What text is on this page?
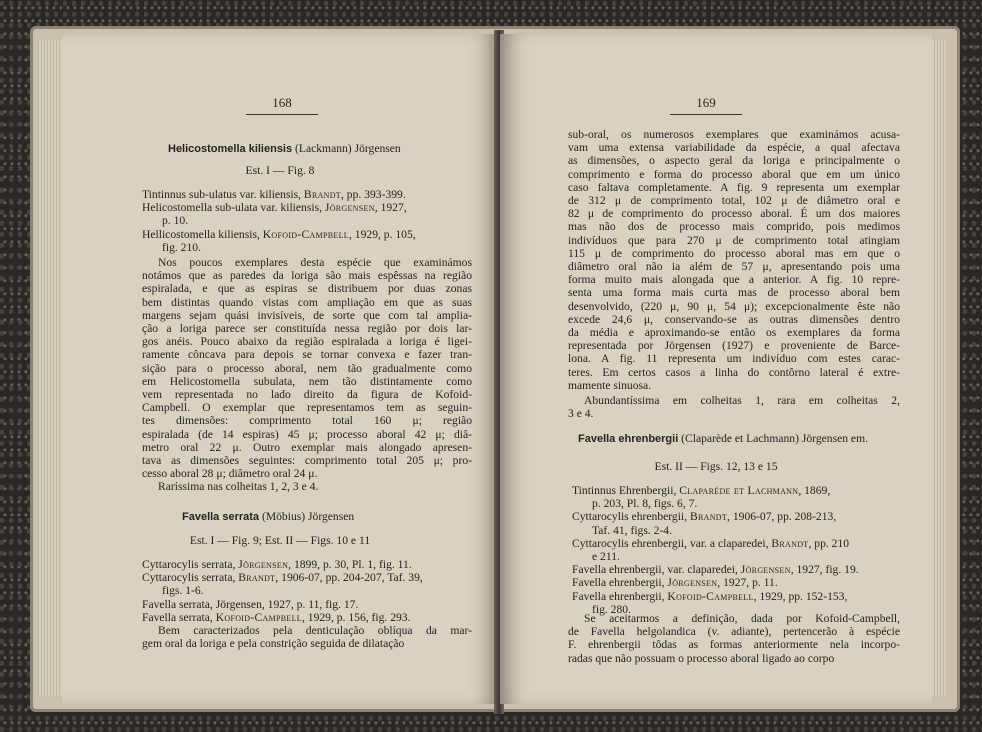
168
Helicostomella kiliensis (Lackmann) Jörgensen
Est. I — Fig. 8
Tintinnus sub-ulatus var. kiliensis, Brandt, pp. 393-399.
Helicostomella sub-ulata var. kiliensis, Jörgensen, 1927,
p. 10.
Hellicostomella kiliensis, Kofoid-Campbell, 1929, p. 105,
fig. 210.
Nos poucos exemplares desta espécie que examinámos
notámos que as paredes da loriga são mais espêssas na região
espiralada, e que as espiras se distribuem por duas zonas
bem distintas quando vistas com ampliação em que as suas
margens sejam quási invisíveis, de sorte que com tal amplia-
ção a loriga parece ser constituída nessa região por dois lar-
gos anéis. Pouco abaixo da região espiralada a loriga é ligei-
ramente côncava para depois se tornar convexa e fazer tran-
sição para o processo aboral, nem tão gradualmente como
em Helicostomella subulata, nem tão distintamente como
vem representada no lado direito da figura de Kofoid-
Campbell. O exemplar que representamos tem as seguin-
tes dimensões: comprimento total 160 μ; região
espiralada (de 14 espiras) 45 μ; processo aboral 42 μ; diâ-
metro oral 22 μ. Outro exemplar mais alongado apresen-
tava as dimensões seguintes: comprimento total 205 μ; pro-
cesso aboral 28 μ; diâmetro oral 24 μ.
Raríssima nas colheitas 1, 2, 3 e 4.
Favella serrata (Möbius) Jörgensen
Est. I — Fig. 9; Est. II — Figs. 10 e 11
Cyttarocylis serrata, Jörgensen, 1899, p. 30, Pl. 1, fig. 11.
Cyttarocylis serrata, Brandt, 1906-07, pp. 204-207, Taf. 39,
figs. 1-6.
Favella serrata, Jörgensen, 1927, p. 11, fig. 17.
Favella serrata, Kofoid-Campbell, 1929, p. 156, fig. 293.
Bem caracterizados pela denticulação oblíqua da mar-
gem oral da loriga e pela constrição seguida de dilatação
169
sub-oral, os numerosos exemplares que examinámos acusa-
vam uma extensa variabilidade da espécie, a qual afectava
as dimensões, o aspecto geral da loriga e principalmente o
comprimento e forma do processo aboral que em um único
caso faltava completamente. A fig. 9 representa um exemplar
de 312 μ de comprimento total, 102 μ de diâmetro oral e
82 μ de comprimento do processo aboral. É um dos maiores
mas não dos de processo mais comprido, pois medimos
indivíduos que para 270 μ de comprimento total atingiam
115 μ de comprimento do processo aboral mas em que o
diâmetro oral não ia além de 57 μ, apresentando pois uma
forma muito mais alongada que a anterior. A fig. 10 repre-
senta uma forma mais curta mas de processo aboral bem
desenvolvido, (220 μ, 90 μ, 54 μ); excepcionalmente êste não
excede 24,6 μ, conservando-se as outras dimensões dentro
da média e aproximando-se então os exemplares da forma
representada por Jörgensen (1927) e proveniente de Barce-
lona. A fig. 11 representa um indivíduo com estes carac-
teres. Em certos casos a linha do contôrno lateral é extre-
mamente sinuosa.
Abundantíssima em colheitas 1, rara em colheitas 2,
3 e 4.
Favella ehrenbergii (Claparède et Lachmann) Jörgensen em.
Est. II — Figs. 12, 13 e 15
Tintinnus Ehrenbergii, Claparède et Lachmann, 1869,
p. 203, Pl. 8, figs. 6, 7.
Cyttarocylis ehrenbergii, Brandt, 1906-07, pp. 208-213,
Taf. 41, figs. 2-4.
Cyttarocylis ehrenbergii, var. a claparedei, Brandt, pp. 210
e 211.
Favella ehrenbergii, var. claparedei, Jörgensen, 1927, fig. 19.
Favella ehrenbergii, Jörgensen, 1927, p. 11.
Favella ehrenbergii, Kofoid-Campbell, 1929, pp. 152-153,
fig. 280.
Se aceitarmos a definição, dada por Kofoid-Campbell,
de Favella helgolandica (v. adiante), pertencerão à espécie
F. ehrenbergii tôdas as formas anteriormente nela incorpo-
radas que não possuam o processo aboral ligado ao corpo
